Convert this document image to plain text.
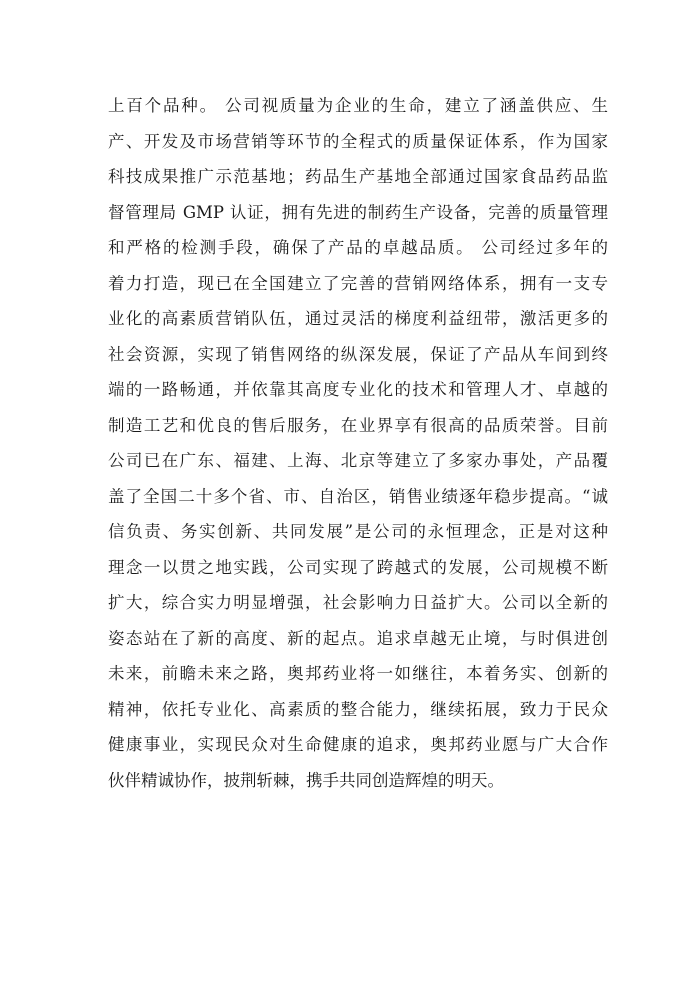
上百个品种。 公司视质量为企业的生命，建立了涵盖供应、生
产、开发及市场营销等环节的全程式的质量保证体系，作为国家
科技成果推广示范基地；药品生产基地全部通过国家食品药品监
督管理局 GMP 认证，拥有先进的制药生产设备，完善的质量管理
和严格的检测手段，确保了产品的卓越品质。 公司经过多年的
着力打造，现已在全国建立了完善的营销网络体系，拥有一支专
业化的高素质营销队伍，通过灵活的梯度利益纽带，激活更多的
社会资源，实现了销售网络的纵深发展，保证了产品从车间到终
端的一路畅通，并依靠其高度专业化的技术和管理人才、卓越的
制造工艺和优良的售后服务，在业界享有很高的品质荣誉。目前
公司已在广东、福建、上海、北京等建立了多家办事处，产品覆
盖了全国二十多个省、市、自治区，销售业绩逐年稳步提高。“诚
信负责、务实创新、共同发展”是公司的永恒理念，正是对这种
理念一以贯之地实践，公司实现了跨越式的发展，公司规模不断
扩大，综合实力明显增强，社会影响力日益扩大。公司以全新的
姿态站在了新的高度、新的起点。追求卓越无止境，与时俱进创
未来，前瞻未来之路，奥邦药业将一如继往，本着务实、创新的
精神，依托专业化、高素质的整合能力，继续拓展，致力于民众
健康事业，实现民众对生命健康的追求，奥邦药业愿与广大合作
伙伴精诚协作，披荆斩棘，携手共同创造辉煌的明天。
